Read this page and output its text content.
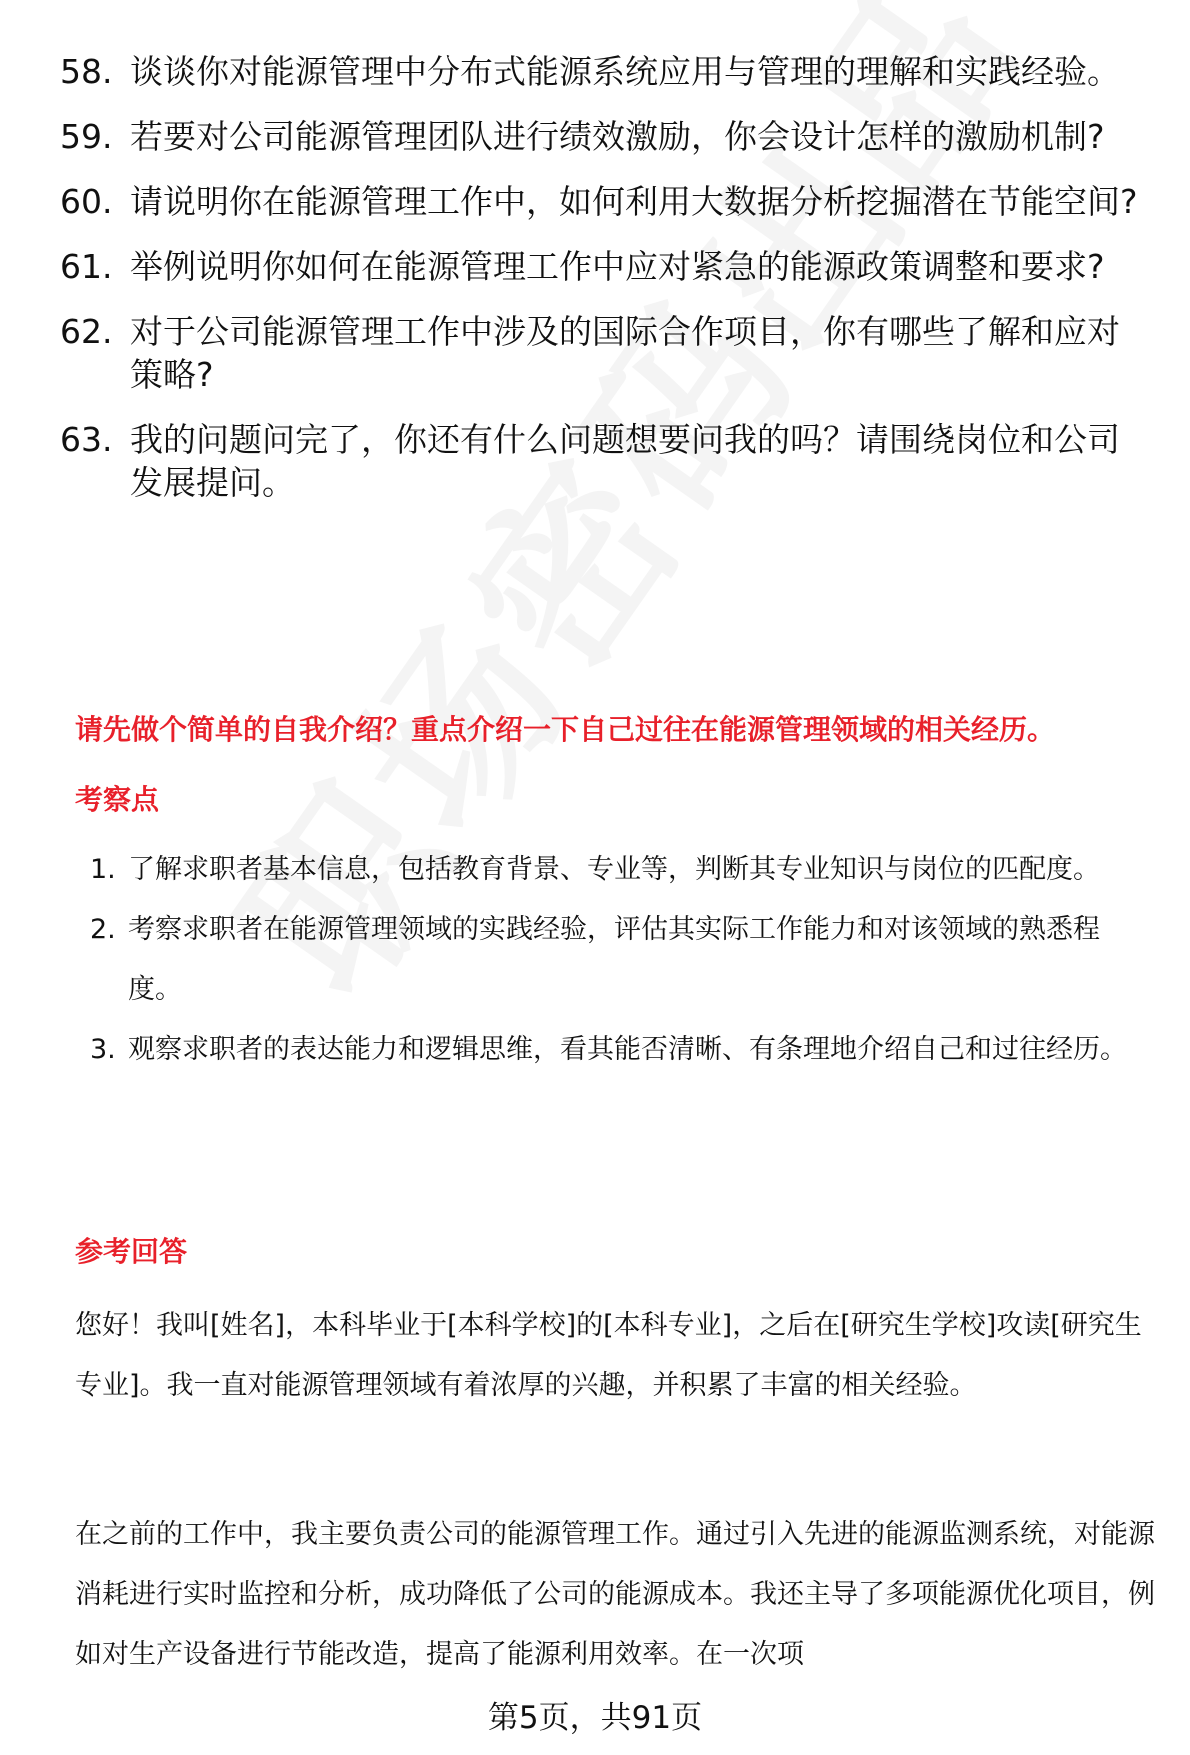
58. 谈谈你对能源管理中分布式能源系统应用与管理的理解和实践经验。
59. 若要对公司能源管理团队进行绩效激励，你会设计怎样的激励机制?
60. 请说明你在能源管理工作中，如何利用大数据分析挖掘潜在节能空间?
61. 举例说明你如何在能源管理工作中应对紧急的能源政策调整和要求?
62. 对于公司能源管理工作中涉及的国际合作项目，你有哪些了解和应对策略?
63. 我的问题问完了，你还有什么问题想要问我的吗？请围绕岗位和公司发展提问。
请先做个简单的自我介绍？重点介绍一下自己过往在能源管理领域的相关经历。
考察点
1. 了解求职者基本信息，包括教育背景、专业等，判断其专业知识与岗位的匹配度。
2. 考察求职者在能源管理领域的实践经验，评估其实际工作能力和对该领域的熟悉程度。
3. 观察求职者的表达能力和逻辑思维，看其能否清晰、有条理地介绍自己和过往经历。
参考回答
您好！我叫[姓名]，本科毕业于[本科学校]的[本科专业]，之后在[研究生学校]攻读[研究生专业]。我一直对能源管理领域有着浓厚的兴趣，并积累了丰富的相关经验。
在之前的工作中，我主要负责公司的能源管理工作。通过引入先进的能源监测系统，对能源消耗进行实时监控和分析，成功降低了公司的能源成本。我还主导了多项能源优化项目，例如对生产设备进行节能改造，提高了能源利用效率。在一次项
第5页，共91页
